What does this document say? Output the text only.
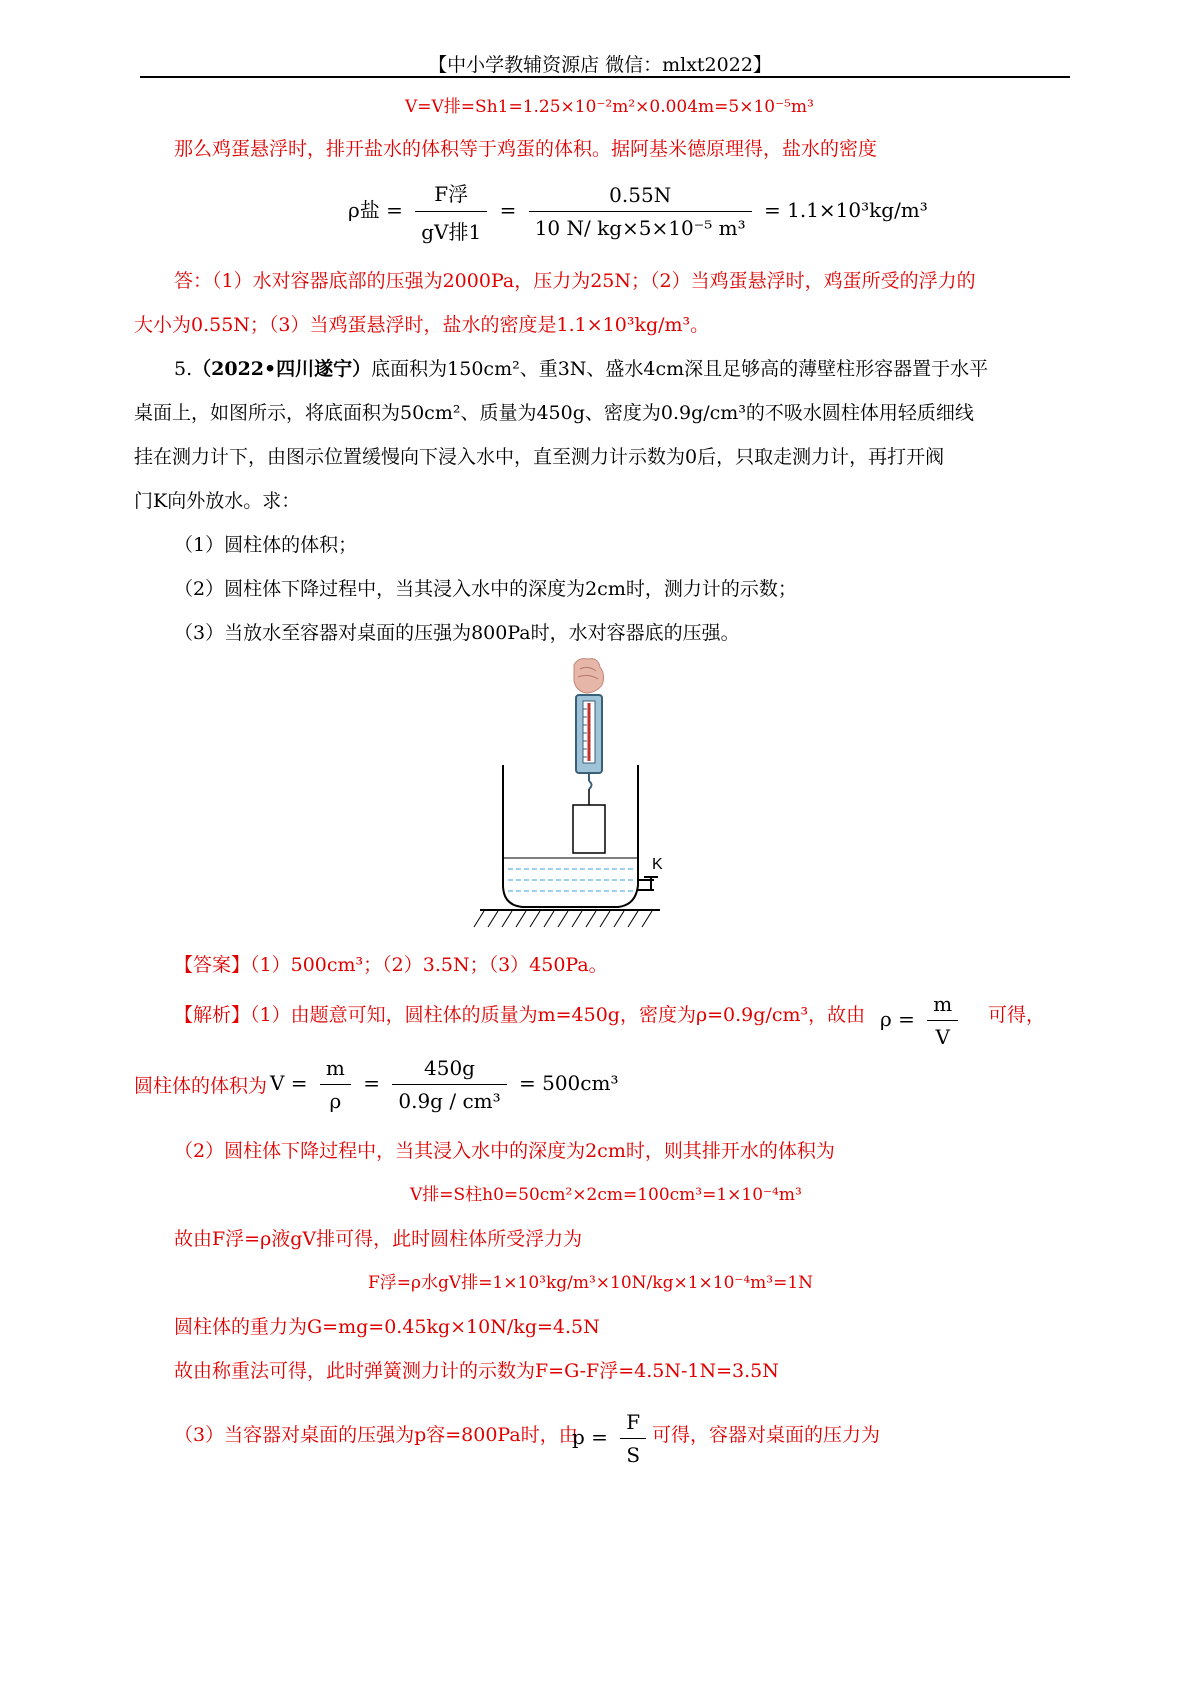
【中小学教辅资源店 微信：mlxt2022】
V=V排=Sh1=1.25×10⁻²m²×0.004m=5×10⁻⁵m³
那么鸡蛋悬浮时，排开盐水的体积等于鸡蛋的体积。据阿基米德原理得，盐水的密度
ρ盐 = $\frac{\text{F浮}}{\text{gV排1}} = \frac{0.55N}{\text{10 N/ kg×5×10⁻⁵ m³}} = 1.1\times 10^3kg/m^3$
答：（1）水对容器底部的压强为2000Pa，压力为25N；（2）当鸡蛋悬浮时，鸡蛋所受的浮力的
大小为0.55N；（3）当鸡蛋悬浮时，盐水的密度是1.1×10³kg/m³。
5.（2022•四川遂宁）底面积为150cm²、重3N、盛水4cm深且足够高的薄壁柱形容器置于水平
桌面上，如图所示，将底面积为50cm²、质量为450g、密度为0.9g/cm³的不吸水圆柱体用轻质细线
挂在测力计下，由图示位置缓慢向下浸入水中，直至测力计示数为0后，只取走测力计，再打开阀
门K向外放水。求：
（1）圆柱体的体积；
（2）圆柱体下降过程中，当其浸入水中的深度为2cm时，测力计的示数；
（3）当放水至容器对桌面的压强为800Pa时，水对容器底的压强。
K
【答案】（1）500cm³；（2）3.5N；（3）450Pa。
【解析】（1）由题意可知，圆柱体的质量为m=450g，密度为ρ=0.9g/cm³，故由 $\rho = \frac{m}{V}$ 可得，
圆柱体的体积为 $V = \frac{m}{\rho} = \frac{450g}{\text{0.9g / cm³}} = 500cm^3$
（2）圆柱体下降过程中，当其浸入水中的深度为2cm时，则其排开水的体积为
V排=S柱h0=50cm²×2cm=100cm³=1×10⁻⁴m³
故由F浮=ρ液gV排可得，此时圆柱体所受浮力为
F浮=ρ水gV排=1×10³kg/m³×10N/kg×1×10⁻⁴m³=1N
圆柱体的重力为G=mg=0.45kg×10N/kg=4.5N
故由称重法可得，此时弹簧测力计的示数为F=G-F浮=4.5N-1N=3.5N
（3）当容器对桌面的压强为p容=800Pa时，由
$p = \frac{F}{S}$ 可得，容器对桌面的压力为
